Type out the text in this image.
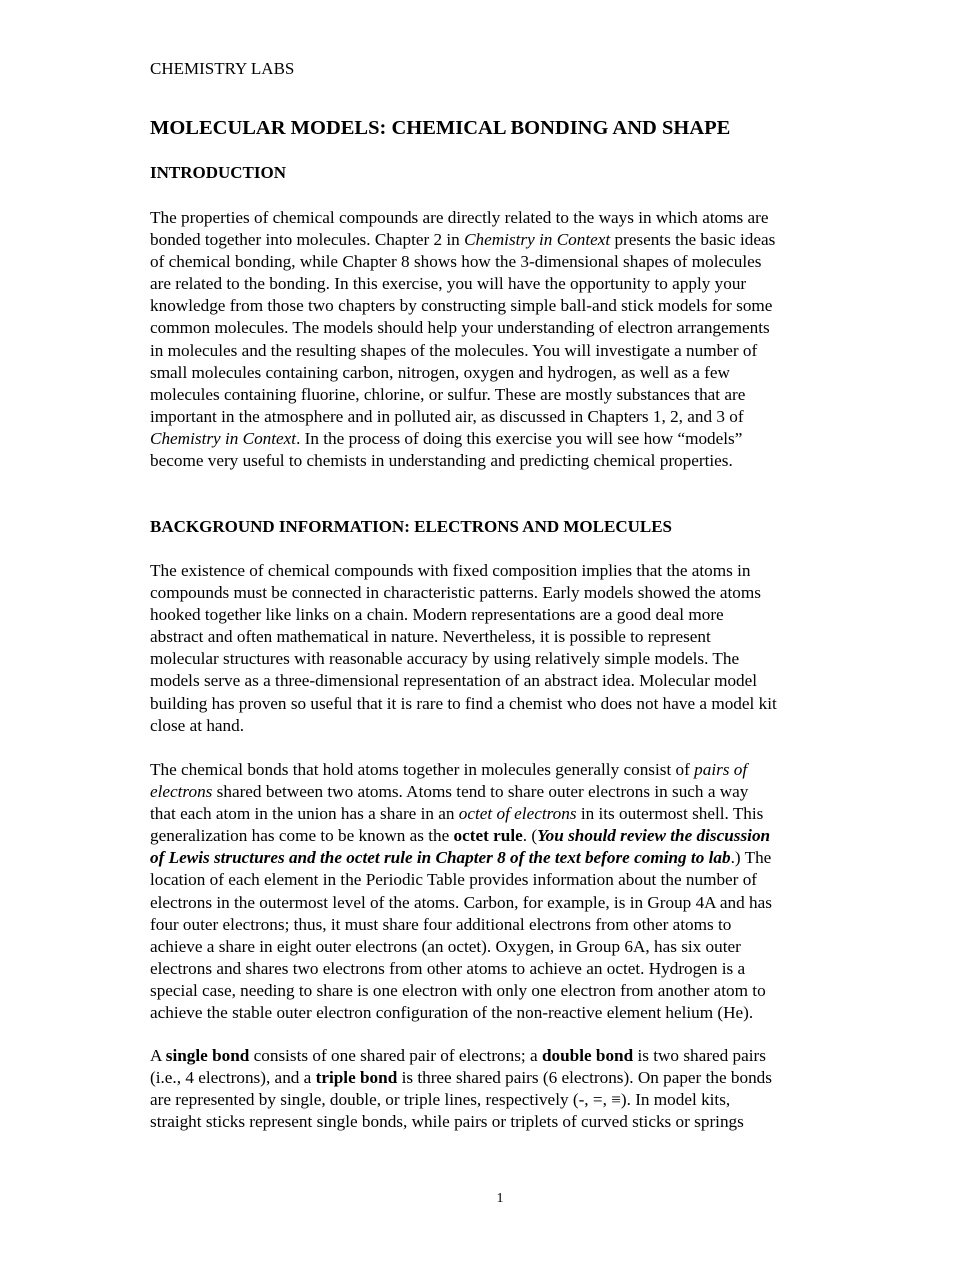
CHEMISTRY LABS
MOLECULAR MODELS: CHEMICAL BONDING AND SHAPE
INTRODUCTION

The properties of chemical compounds are directly related to the ways in which atoms are
bonded together into molecules. Chapter 2 in Chemistry in Context presents the basic ideas
of chemical bonding, while Chapter 8 shows how the 3-dimensional shapes of molecules
are related to the bonding. In this exercise, you will have the opportunity to apply your
knowledge from those two chapters by constructing simple ball-and stick models for some
common molecules. The models should help your understanding of electron arrangements
in molecules and the resulting shapes of the molecules. You will investigate a number of
small molecules containing carbon, nitrogen, oxygen and hydrogen, as well as a few
molecules containing fluorine, chlorine, or sulfur. These are mostly substances that are
important in the atmosphere and in polluted air, as discussed in Chapters 1, 2, and 3 of
Chemistry in Context. In the process of doing this exercise you will see how “models”
become very useful to chemists in understanding and predicting chemical properties.

BACKGROUND INFORMATION: ELECTRONS AND MOLECULES

The existence of chemical compounds with fixed composition implies that the atoms in
compounds must be connected in characteristic patterns. Early models showed the atoms
hooked together like links on a chain. Modern representations are a good deal more
abstract and often mathematical in nature. Nevertheless, it is possible to represent
molecular structures with reasonable accuracy by using relatively simple models. The
models serve as a three-dimensional representation of an abstract idea. Molecular model
building has proven so useful that it is rare to find a chemist who does not have a model kit
close at hand.

The chemical bonds that hold atoms together in molecules generally consist of pairs of
electrons shared between two atoms. Atoms tend to share outer electrons in such a way
that each atom in the union has a share in an octet of electrons in its outermost shell. This
generalization has come to be known as the octet rule. (You should review the discussion
of Lewis structures and the octet rule in Chapter 8 of the text before coming to lab.) The
location of each element in the Periodic Table provides information about the number of
electrons in the outermost level of the atoms. Carbon, for example, is in Group 4A and has
four outer electrons; thus, it must share four additional electrons from other atoms to
achieve a share in eight outer electrons (an octet). Oxygen, in Group 6A, has six outer
electrons and shares two electrons from other atoms to achieve an octet. Hydrogen is a
special case, needing to share is one electron with only one electron from another atom to
achieve the stable outer electron configuration of the non-reactive element helium (He).

A single bond consists of one shared pair of electrons; a double bond is two shared pairs
(i.e., 4 electrons), and a triple bond is three shared pairs (6 electrons). On paper the bonds
are represented by single, double, or triple lines, respectively (-, =, ≡). In model kits,
straight sticks represent single bonds, while pairs or triplets of curved sticks or springs

1
